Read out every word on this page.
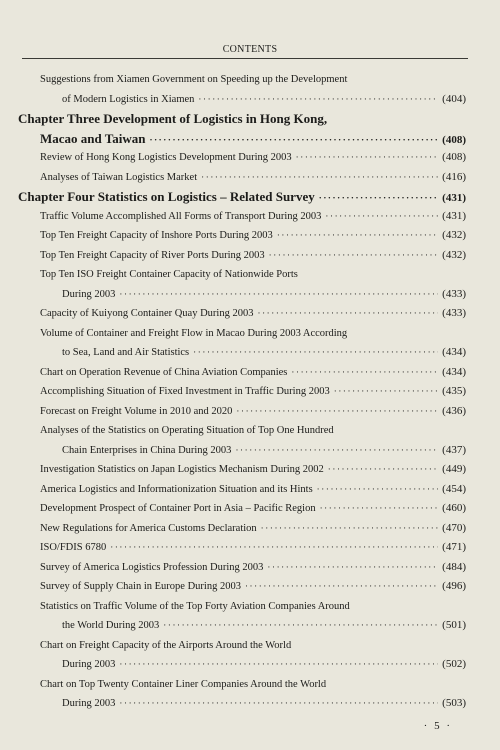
CONTENTS
Suggestions from Xiamen Government on Speeding up the Development
of Modern Logistics in Xiamen ·····	(404)
Chapter Three Development of Logistics in Hong Kong,
Macao and Taiwan ·····	(408)
Review of Hong Kong Logistics Development During 2003 ·····	(408)
Analyses of Taiwan Logistics Market ·····	(416)
Chapter Four Statistics on Logistics – Related Survey ·····	(431)
Traffic Volume Accomplished All Forms of Transport During 2003 ·····	(431)
Top Ten Freight Capacity of Inshore Ports During 2003 ·····	(432)
Top Ten Freight Capacity of River Ports During 2003 ·····	(432)
Top Ten ISO Freight Container Capacity of Nationwide Ports
During 2003 ·····	(433)
Capacity of Kuiyong Container Quay During 2003 ·····	(433)
Volume of Container and Freight Flow in Macao During 2003 According
to Sea, Land and Air Statistics ·····	(434)
Chart on Operation Revenue of China Aviation Companies ·····	(434)
Accomplishing Situation of Fixed Investment in Traffic During 2003 ·····	(435)
Forecast on Freight Volume in 2010 and 2020 ·····	(436)
Analyses of the Statistics on Operating Situation of Top One Hundred
Chain Enterprises in China During 2003 ·····	(437)
Investigation Statistics on Japan Logistics Mechanism During 2002 ·····	(449)
America Logistics and Informationization Situation and its Hints ·····	(454)
Development Prospect of Container Port in Asia – Pacific Region ·····	(460)
New Regulations for America Customs Declaration ·····	(470)
ISO/FDIS 6780 ·····	(471)
Survey of America Logistics Profession During 2003 ·····	(484)
Survey of Supply Chain in Europe During 2003 ·····	(496)
Statistics on Traffic Volume of the Top Forty Aviation Companies Around
the World During 2003 ·····	(501)
Chart on Freight Capacity of the Airports Around the World
During 2003 ·····	(502)
Chart on Top Twenty Container Liner Companies Around the World
During 2003 ·····	(503)
· 5 ·
